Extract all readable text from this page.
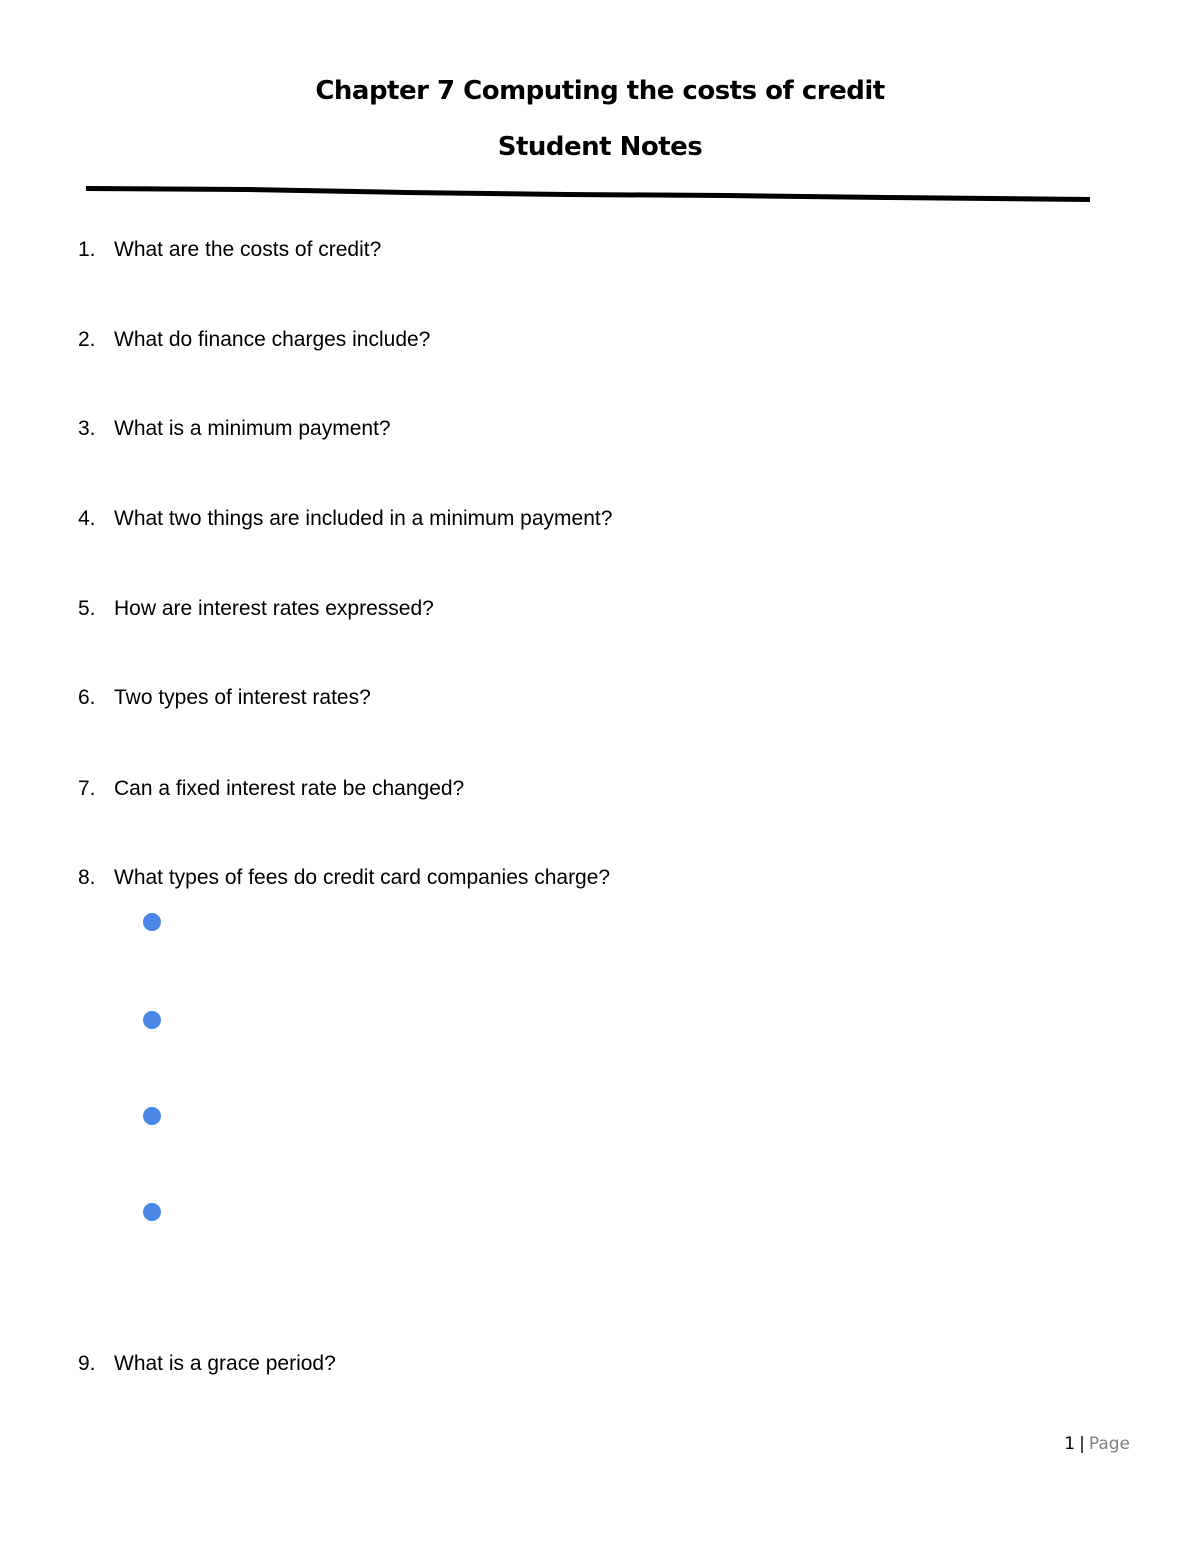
Chapter 7 Computing the costs of credit
Student Notes
1. What are the costs of credit?
2. What do finance charges include?
3. What is a minimum payment?
4. What two things are included in a minimum payment?
5. How are interest rates expressed?
6. Two types of interest rates?
7. Can a fixed interest rate be changed?
8. What types of fees do credit card companies charge?
9. What is a grace period?
1 | Page
